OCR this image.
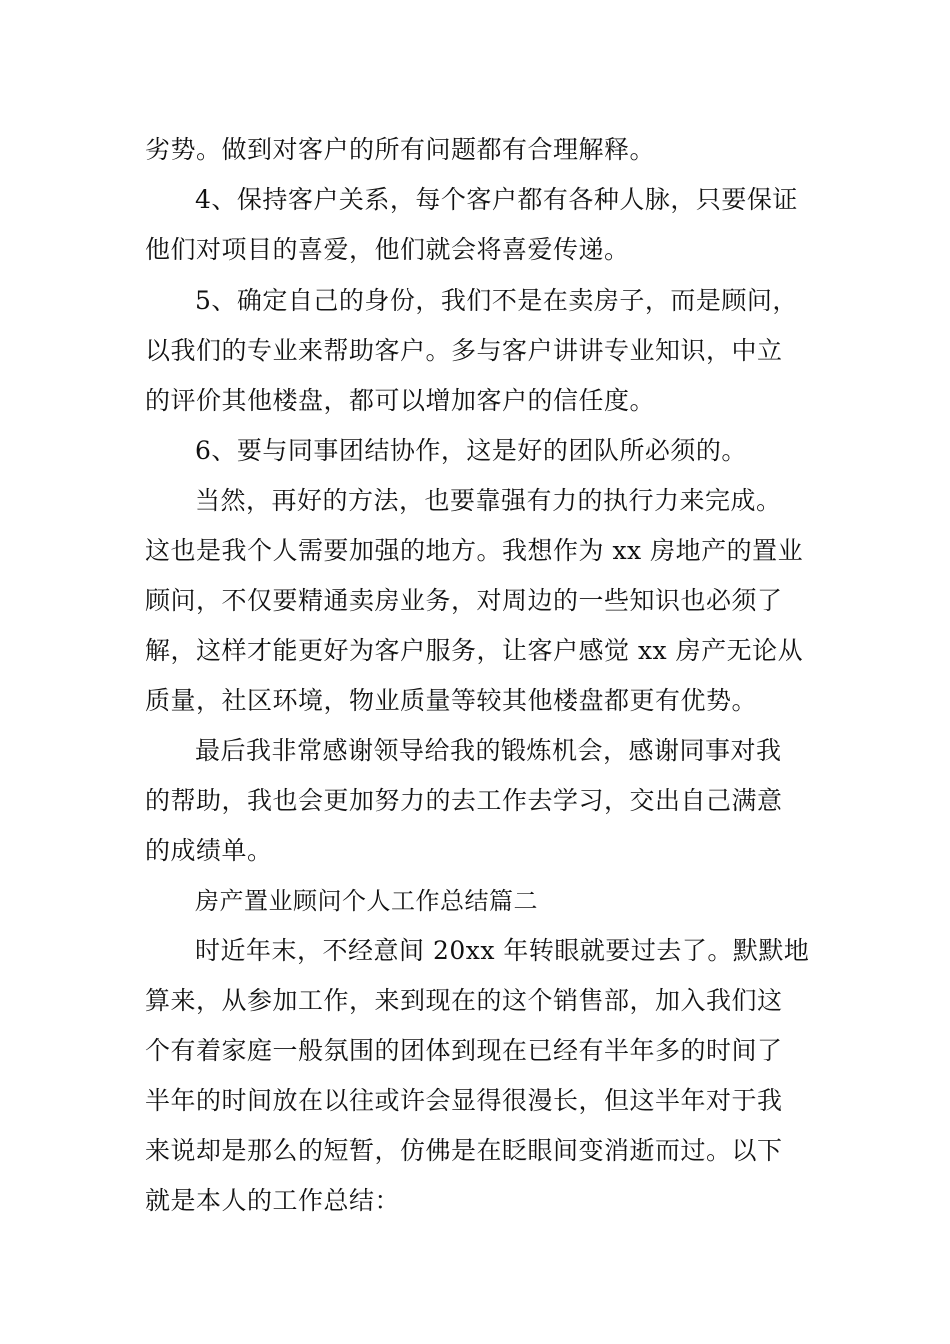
劣势。做到对客户的所有问题都有合理解释。
4、保持客户关系，每个客户都有各种人脉，只要保证
他们对项目的喜爱，他们就会将喜爱传递。
5、确定自己的身份，我们不是在卖房子，而是顾问，
以我们的专业来帮助客户。多与客户讲讲专业知识，中立
的评价其他楼盘，都可以增加客户的信任度。
6、要与同事团结协作，这是好的团队所必须的。
当然，再好的方法，也要靠强有力的执行力来完成。
这也是我个人需要加强的地方。我想作为 xx 房地产的置业
顾问，不仅要精通卖房业务，对周边的一些知识也必须了
解，这样才能更好为客户服务，让客户感觉 xx 房产无论从
质量，社区环境，物业质量等较其他楼盘都更有优势。
最后我非常感谢领导给我的锻炼机会，感谢同事对我
的帮助，我也会更加努力的去工作去学习，交出自己满意
的成绩单。
房产置业顾问个人工作总结篇二
时近年末，不经意间 20xx 年转眼就要过去了。默默地
算来，从参加工作，来到现在的这个销售部，加入我们这
个有着家庭一般氛围的团体到现在已经有半年多的时间了
半年的时间放在以往或许会显得很漫长，但这半年对于我
来说却是那么的短暂，仿佛是在眨眼间变消逝而过。以下
就是本人的工作总结：
